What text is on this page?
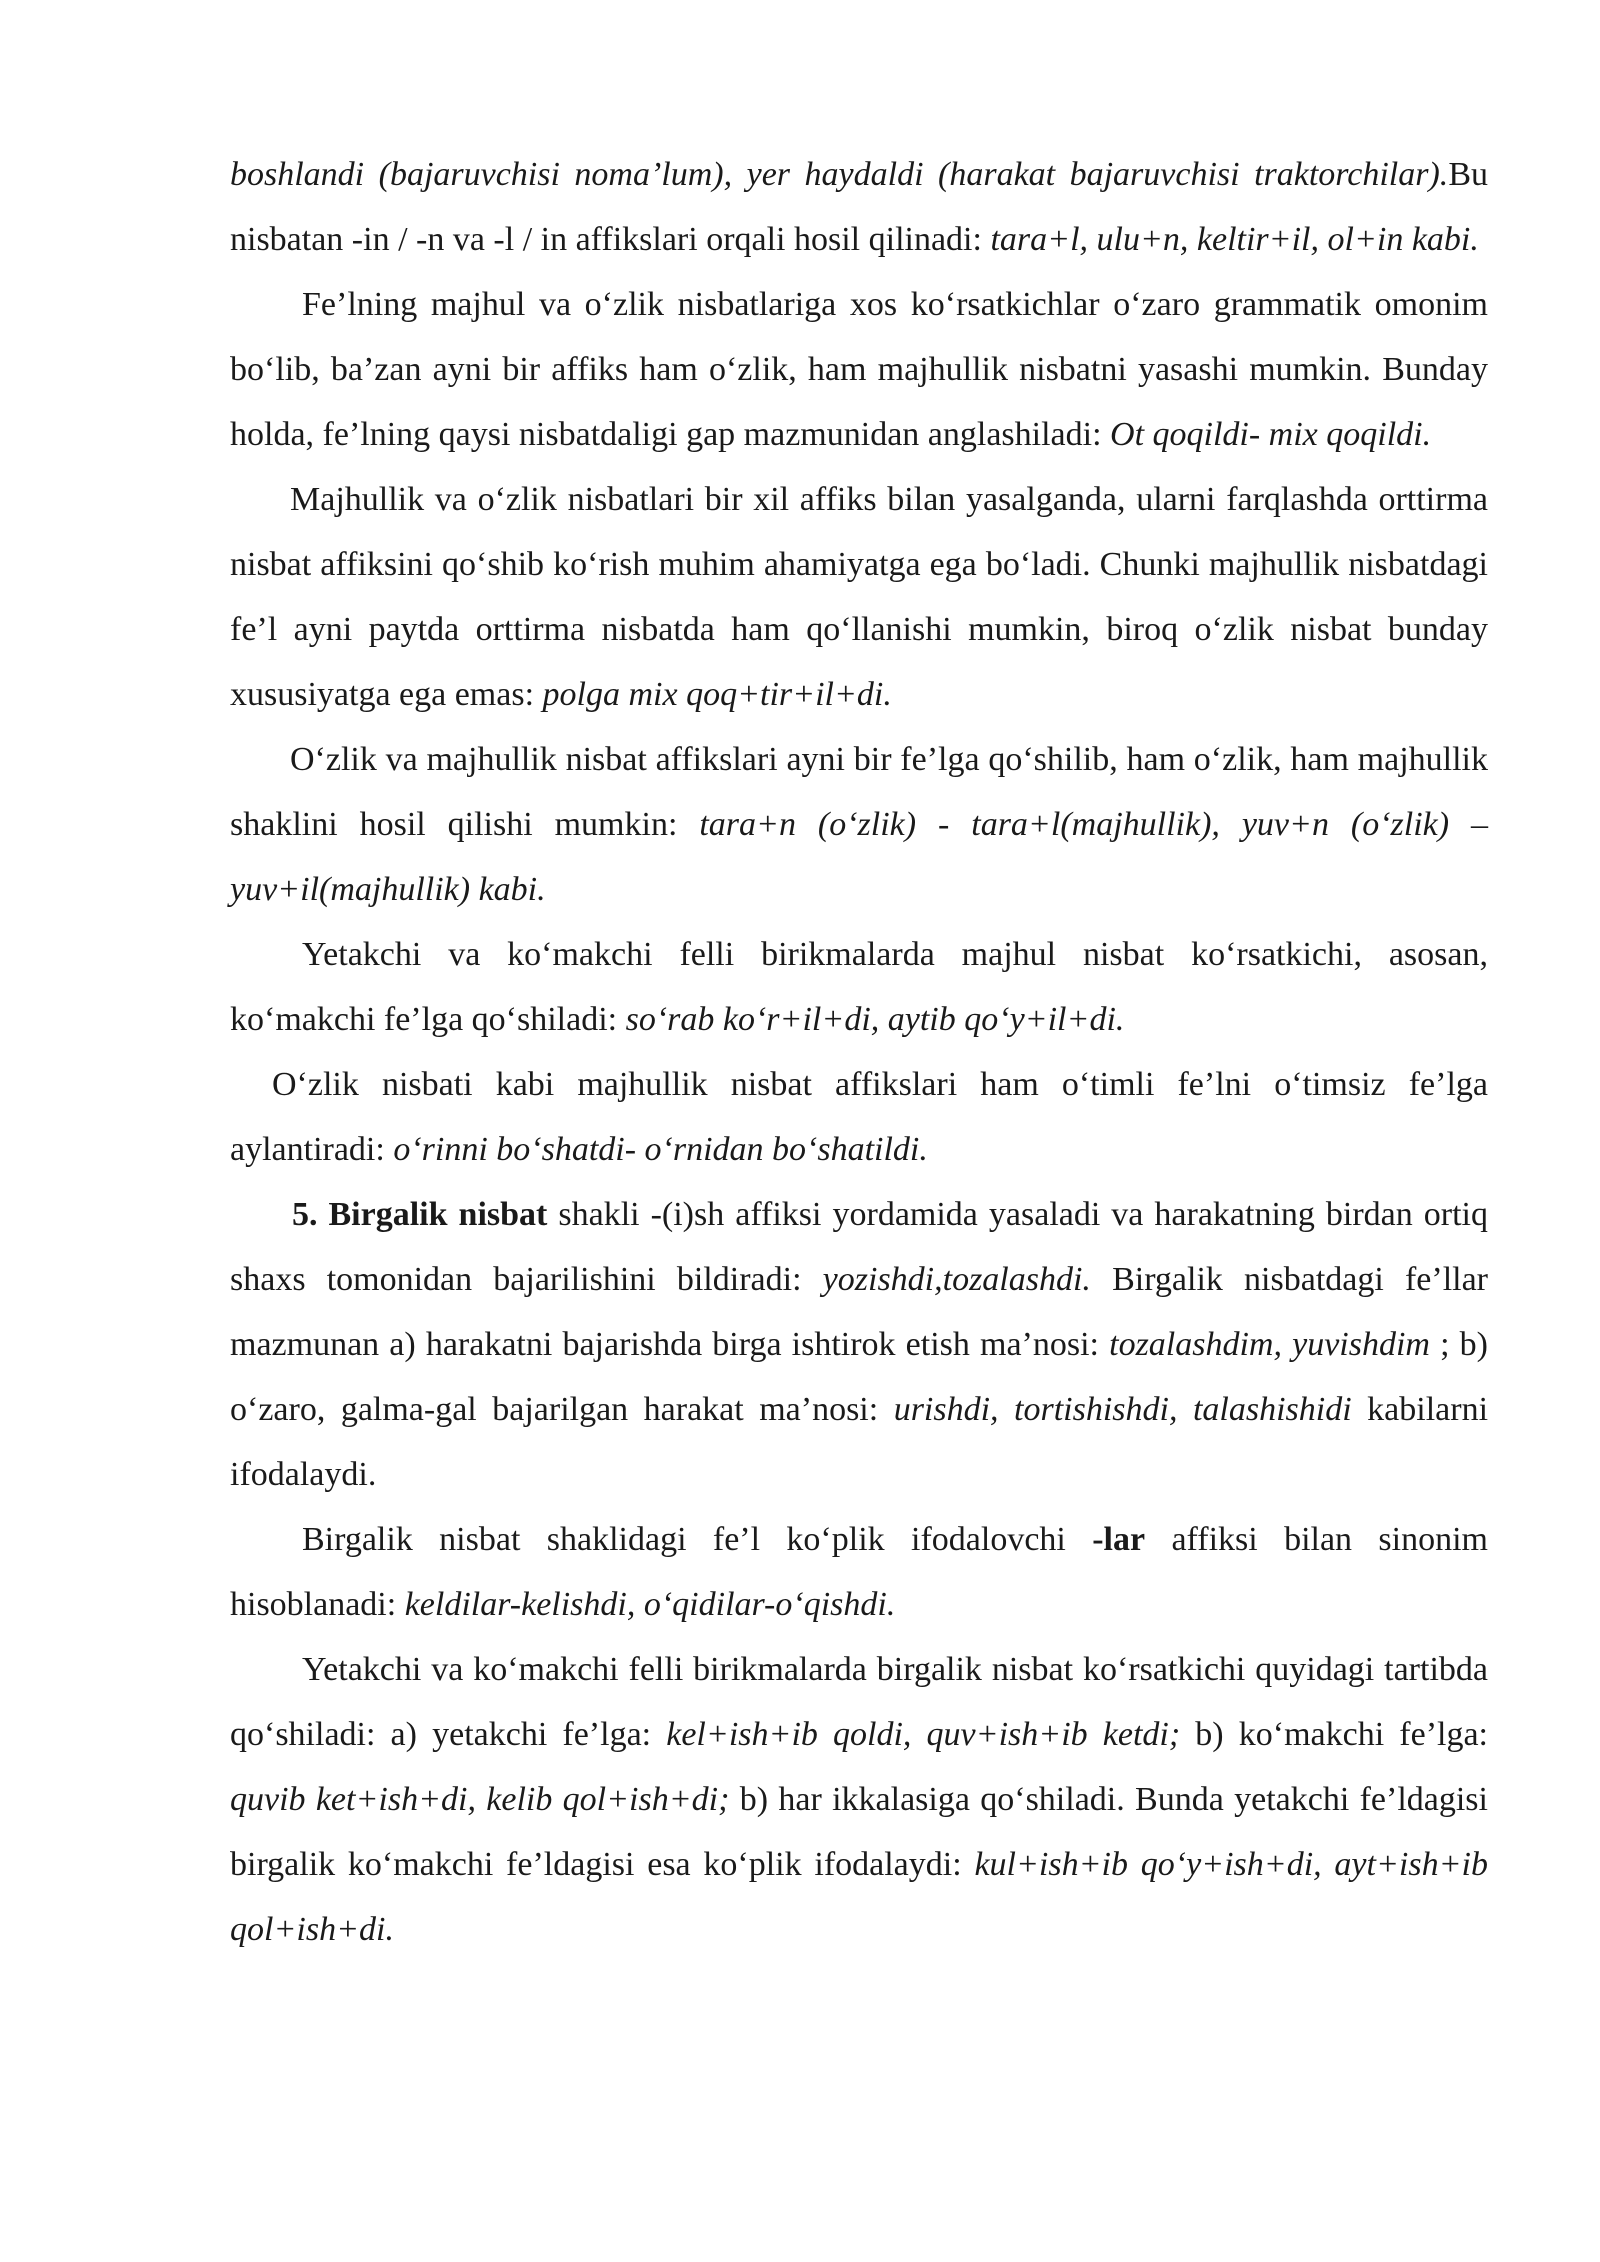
boshlandi (bajaruvchisi noma’lum), yer haydaldi (harakat bajaruvchisi traktorchilar).Bu nisbatan -in / -n va -l / in affikslari orqali hosil qilinadi: tara+l, ulu+n, keltir+il, ol+in kabi.

Fe’lning majhul va o‘zlik nisbatlariga xos ko‘rsatkichlar o‘zaro grammatik omonim bo‘lib, ba’zan ayni bir affiks ham o‘zlik, ham majhullik nisbatni yasashi mumkin. Bunday holda, fe’lning qaysi nisbatdaligi gap mazmunidan anglashiladi: Ot qoqildi- mix qoqildi.

Majhullik va o‘zlik nisbatlari bir xil affiks bilan yasalganda, ularni farqlashda orttirma nisbat affiksini qo‘shib ko‘rish muhim ahamiyatga ega bo‘ladi. Chunki majhullik nisbatdagi fe’l ayni paytda orttirma nisbatda ham qo‘llanishi mumkin, biroq o‘zlik nisbat bunday xususiyatga ega emas: polga mix qoq+tir+il+di.

O‘zlik va majhullik nisbat affikslari ayni bir fe’lga qo‘shilib, ham o‘zlik, ham majhullik shaklini hosil qilishi mumkin: tara+n (o‘zlik) - tara+l(majhullik), yuv+n (o‘zlik) – yuv+il(majhullik) kabi.

Yetakchi va ko‘makchi felli birikmalarda majhul nisbat ko‘rsatkichi, asosan, ko‘makchi fe’lga qo‘shiladi: so‘rab ko‘r+il+di, aytib qo‘y+il+di.

O‘zlik nisbati kabi majhullik nisbat affikslari ham o‘timli fe’lni o‘timsiz fe’lga aylantiradi: o‘rinni bo‘shatdi- o‘rnidan bo‘shatildi.

5. Birgalik nisbat shakli -(i)sh affiksi yordamida yasaladi va harakatning birdan ortiq shaxs tomonidan bajarilishini bildiradi: yozishdi,tozalashdi. Birgalik nisbatdagi fe’llar mazmunan a) harakatni bajarishda birga ishtirok etish ma’nosi: tozalashdim, yuvishdim ; b) o‘zaro, galma-gal bajarilgan harakat ma’nosi: urishdi, tortishishdi, talashishidi kabilarni ifodalaydi.

Birgalik nisbat shaklidagi fe’l ko‘plik ifodalovchi -lar affiksi bilan sinonim hisoblanadi: keldilar-kelishdi, o‘qidilar-o‘qishdi.

Yetakchi va ko‘makchi felli birikmalarda birgalik nisbat ko‘rsatkichi quyidagi tartibda qo‘shiladi: a) yetakchi fe’lga: kel+ish+ib qoldi, quv+ish+ib ketdi; b) ko‘makchi fe’lga: quvib ket+ish+di, kelib qol+ish+di; b) har ikkalasiga qo‘shiladi. Bunda yetakchi fe’ldagisi birgalik ko‘makchi fe’ldagisi esa ko‘plik ifodalaydi: kul+ish+ib qo‘y+ish+di, ayt+ish+ib qol+ish+di.
